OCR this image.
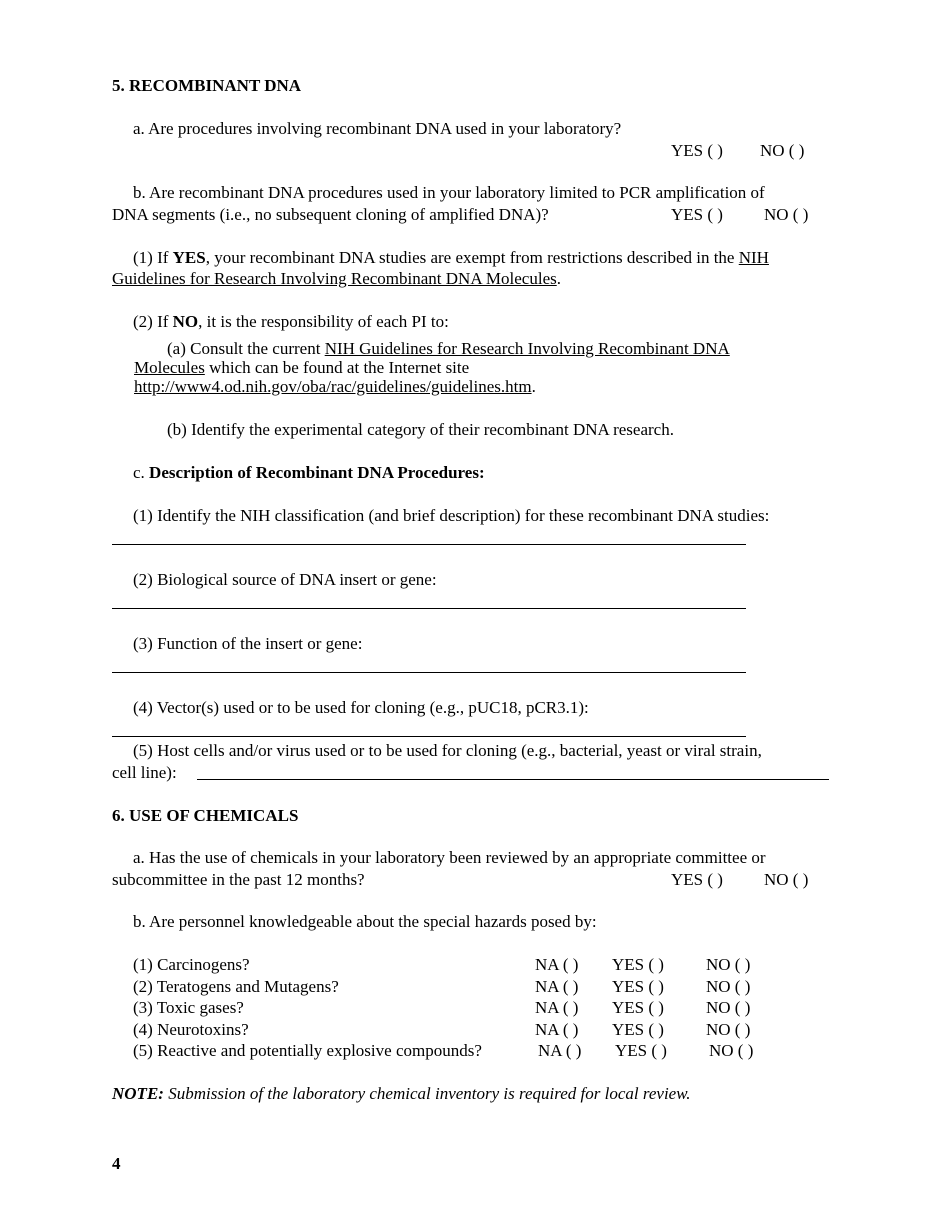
5. RECOMBINANT DNA
a. Are procedures involving recombinant DNA used in your laboratory?
YES ( ) NO ( )
b. Are recombinant DNA procedures used in your laboratory limited to PCR amplification of
DNA segments (i.e., no subsequent cloning of amplified DNA)?	YES ( ) NO ( )
(1) If YES, your recombinant DNA studies are exempt from restrictions described in the NIH
Guidelines for Research Involving Recombinant DNA Molecules.
(2) If NO, it is the responsibility of each PI to:
(a) Consult the current NIH Guidelines for Research Involving Recombinant DNA
Molecules which can be found at the Internet site
http://www4.od.nih.gov/oba/rac/guidelines/guidelines.htm.
(b) Identify the experimental category of their recombinant DNA research.
c. Description of Recombinant DNA Procedures:
(1) Identify the NIH classification (and brief description) for these recombinant DNA studies:
(2) Biological source of DNA insert or gene:
(3) Function of the insert or gene:
(4) Vector(s) used or to be used for cloning (e.g., pUC18, pCR3.1):
(5) Host cells and/or virus used or to be used for cloning (e.g., bacterial, yeast or viral strain,
cell line):
6. USE OF CHEMICALS
a. Has the use of chemicals in your laboratory been reviewed by an appropriate committee or
subcommittee in the past 12 months?	YES ( ) NO ( )
b. Are personnel knowledgeable about the special hazards posed by:
(1) Carcinogens?	NA ( ) YES ( ) NO ( )
(2) Teratogens and Mutagens?	NA ( ) YES ( ) NO ( )
(3) Toxic gases?	NA ( ) YES ( ) NO ( )
(4) Neurotoxins?	NA ( ) YES ( ) NO ( )
(5) Reactive and potentially explosive compounds?	NA ( ) YES ( ) NO ( )
NOTE: Submission of the laboratory chemical inventory is required for local review.
4
